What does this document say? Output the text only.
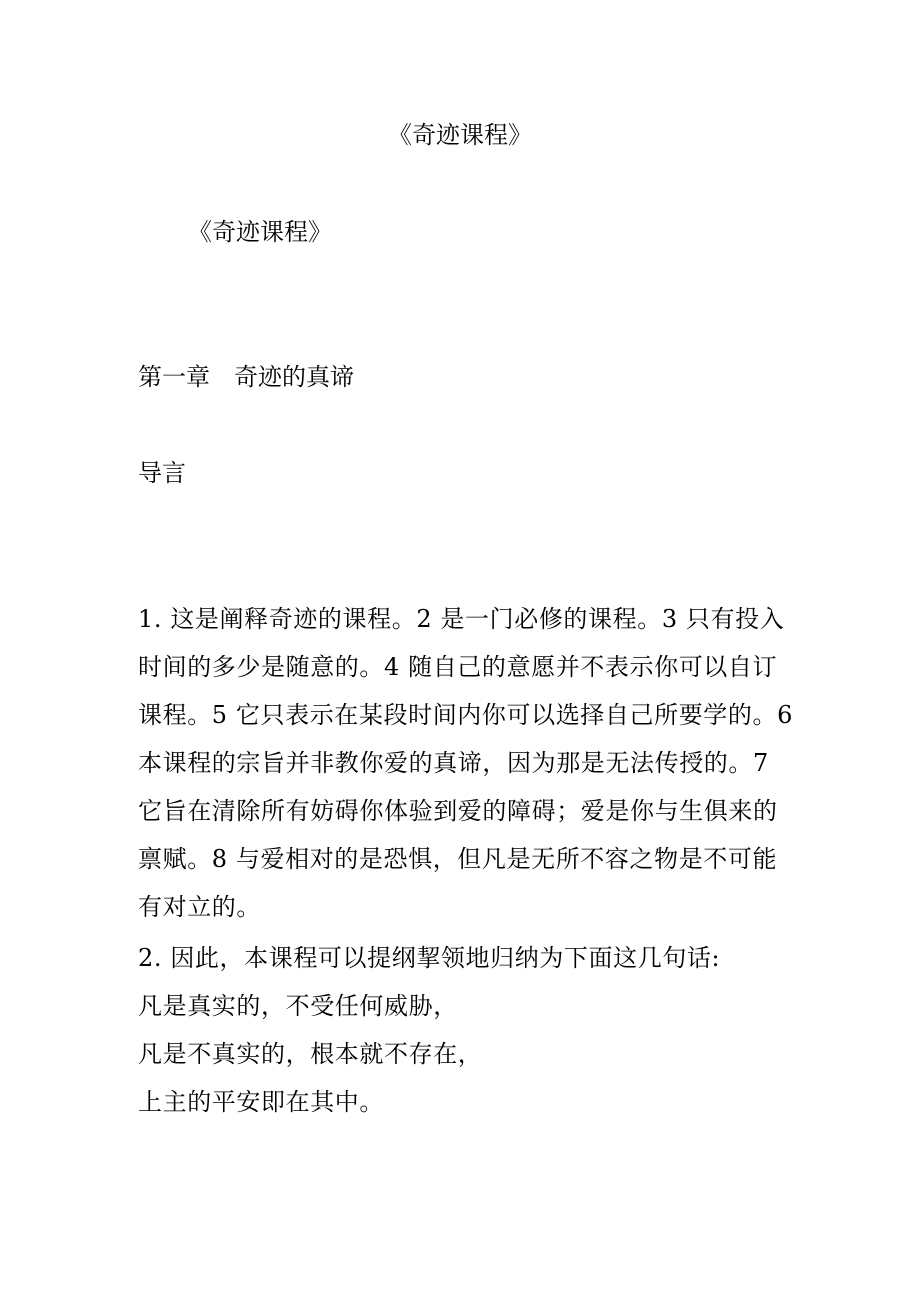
《奇迹课程》
《奇迹课程》
第一章 奇迹的真谛
导言
1. 这是阐释奇迹的课程。2 是一门必修的课程。3 只有投入
时间的多少是随意的。4 随自己的意愿并不表示你可以自订
课程。5 它只表示在某段时间内你可以选择自己所要学的。6
本课程的宗旨并非教你爱的真谛，因为那是无法传授的。7
它旨在清除所有妨碍你体验到爱的障碍；爱是你与生俱来的
禀赋。8 与爱相对的是恐惧，但凡是无所不容之物是不可能
有对立的。
2. 因此，本课程可以提纲挈领地归纳为下面这几句话:
凡是真实的，不受任何威胁，
凡是不真实的，根本就不存在，
上主的平安即在其中。
